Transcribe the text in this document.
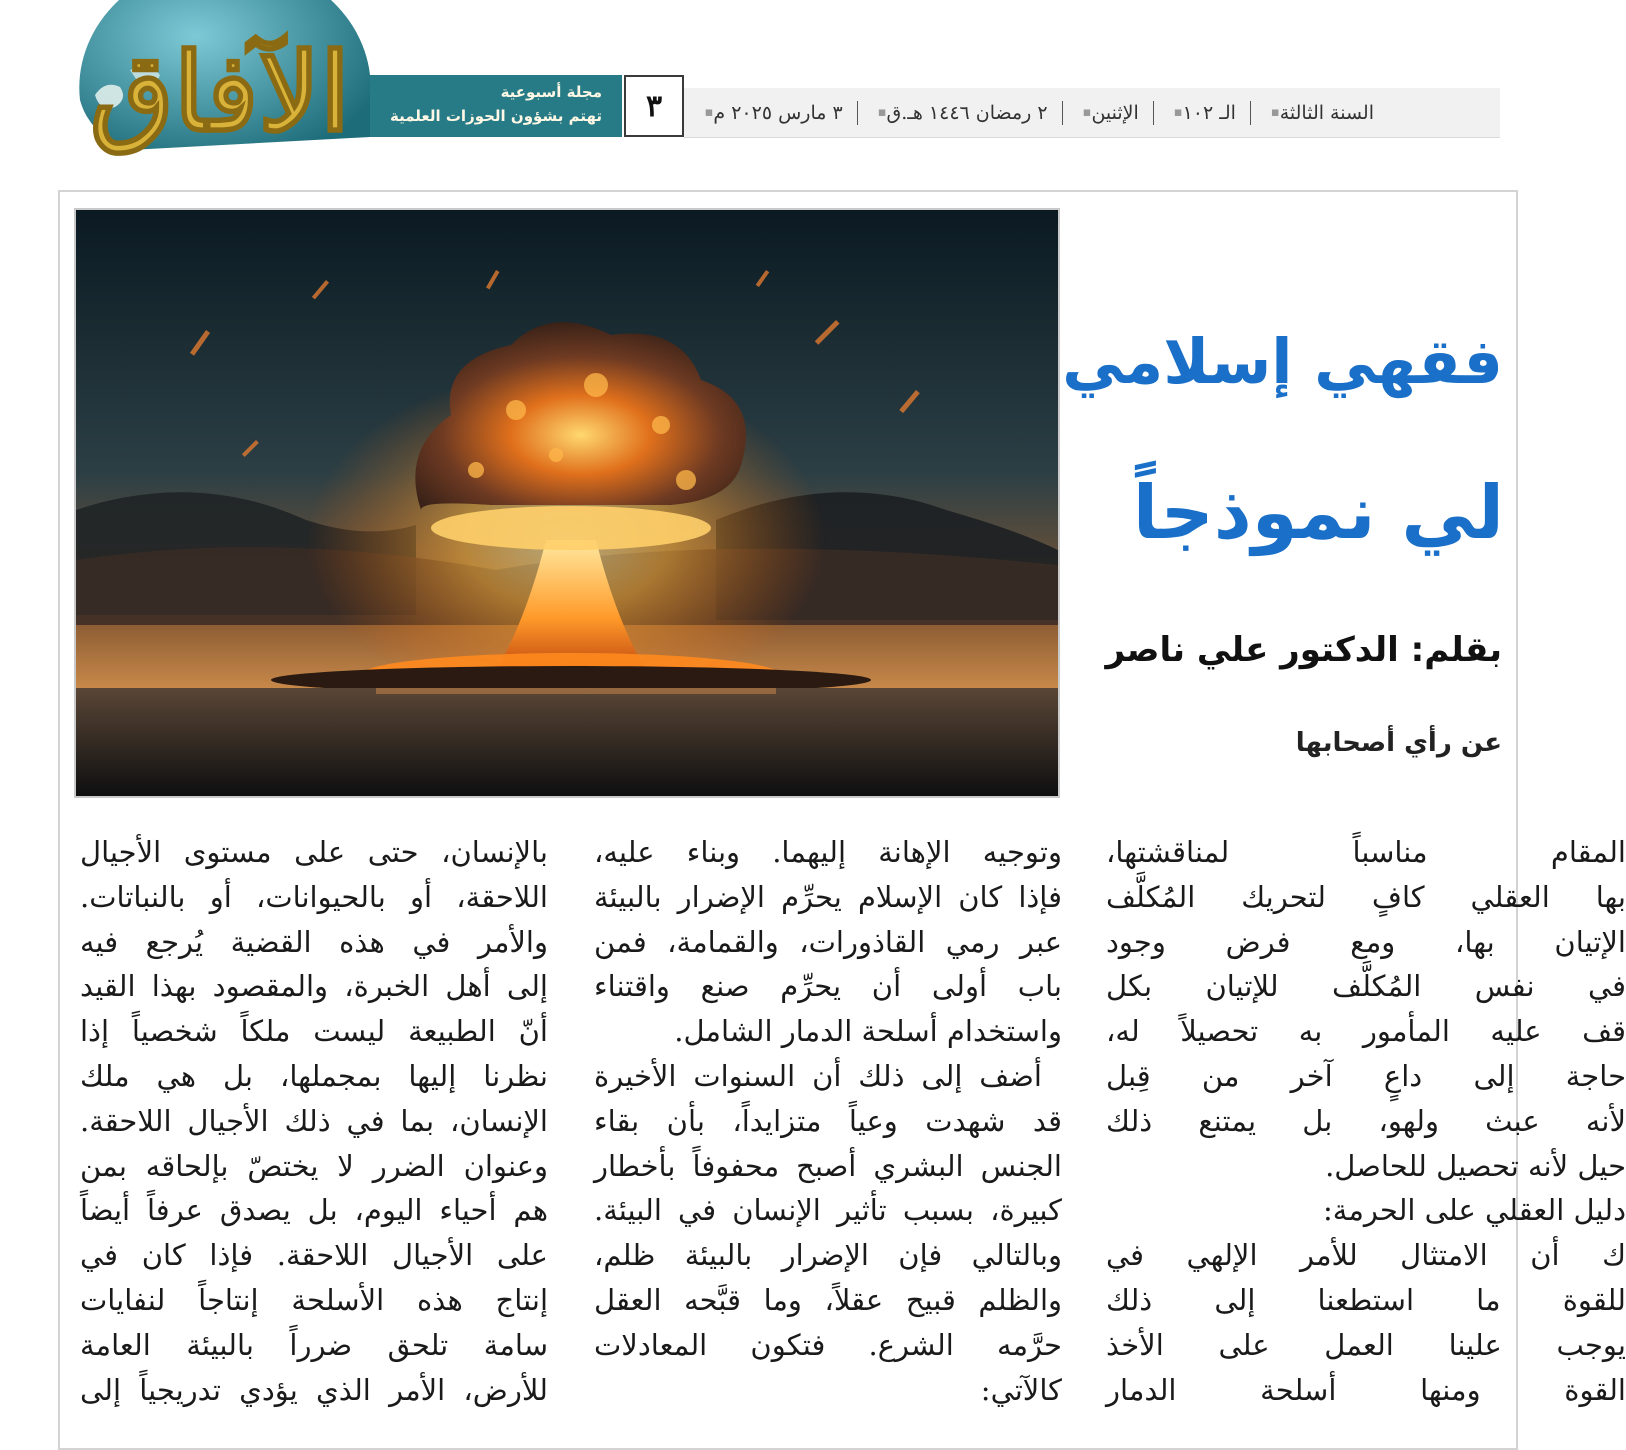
الآفاق	مجلة أسبوعية
تهتم بشؤون الحوزات العلمية	٣	▪ السنة الثالثة
▪ الـ ١٠٢
▪ الإثنين
▪ ٢ رمضان ١٤٤٦ هـ.ق
▪ ٣ مارس ٢٠٢٥ م
فقهي إسلامي
لي نموذجاً
بقلم: الدكتور علي ناصر
عن رأي أصحابها
المقام مناسباً لمناقشتها،
بها العقلي كافٍ لتحريك المُكلَّف
الإتيان بها، ومع فرض وجود
في نفس المُكلَّف للإتيان بكل
قف عليه المأمور به تحصيلاً له،
حاجة إلى داعٍ آخر من قِبل
لأنه عبث ولهو، بل يمتنع ذلك
حيل لأنه تحصيل للحاصل.
دليل العقلي على الحرمة:
ك أن الامتثال للأمر الإلهي في
للقوة ما استطعنا إلى ذلك
يوجب علينا العمل على الأخذ
القوة ومنها أسلحة الدمار
وتوجيه الإهانة إليهما. وبناء عليه،
فإذا كان الإسلام يحرِّم الإضرار بالبيئة
عبر رمي القاذورات، والقمامة، فمن
باب أولى أن يحرِّم صنع واقتناء
واستخدام أسلحة الدمار الشامل.
أضف إلى ذلك أن السنوات الأخيرة
قد شهدت وعياً متزايداً، بأن بقاء
الجنس البشري أصبح محفوفاً بأخطار
كبيرة، بسبب تأثير الإنسان في البيئة.
وبالتالي فإن الإضرار بالبيئة ظلم،
والظلم قبيح عقلاً، وما قبَّحه العقل
حرَّمه الشرع. فتكون المعادلات
كالآتي:
بالإنسان، حتى على مستوى الأجيال
اللاحقة، أو بالحيوانات، أو بالنباتات.
والأمر في هذه القضية يُرجع فيه
إلى أهل الخبرة، والمقصود بهذا القيد
أنّ الطبيعة ليست ملكاً شخصياً إذا
نظرنا إليها بمجملها، بل هي ملك
الإنسان، بما في ذلك الأجيال اللاحقة.
وعنوان الضرر لا يختصّ بإلحاقه بمن
هم أحياء اليوم، بل يصدق عرفاً أيضاً
على الأجيال اللاحقة. فإذا كان في
إنتاج هذه الأسلحة إنتاجاً لنفايات
سامة تلحق ضرراً بالبيئة العامة
للأرض، الأمر الذي يؤدي تدريجياً إلى
